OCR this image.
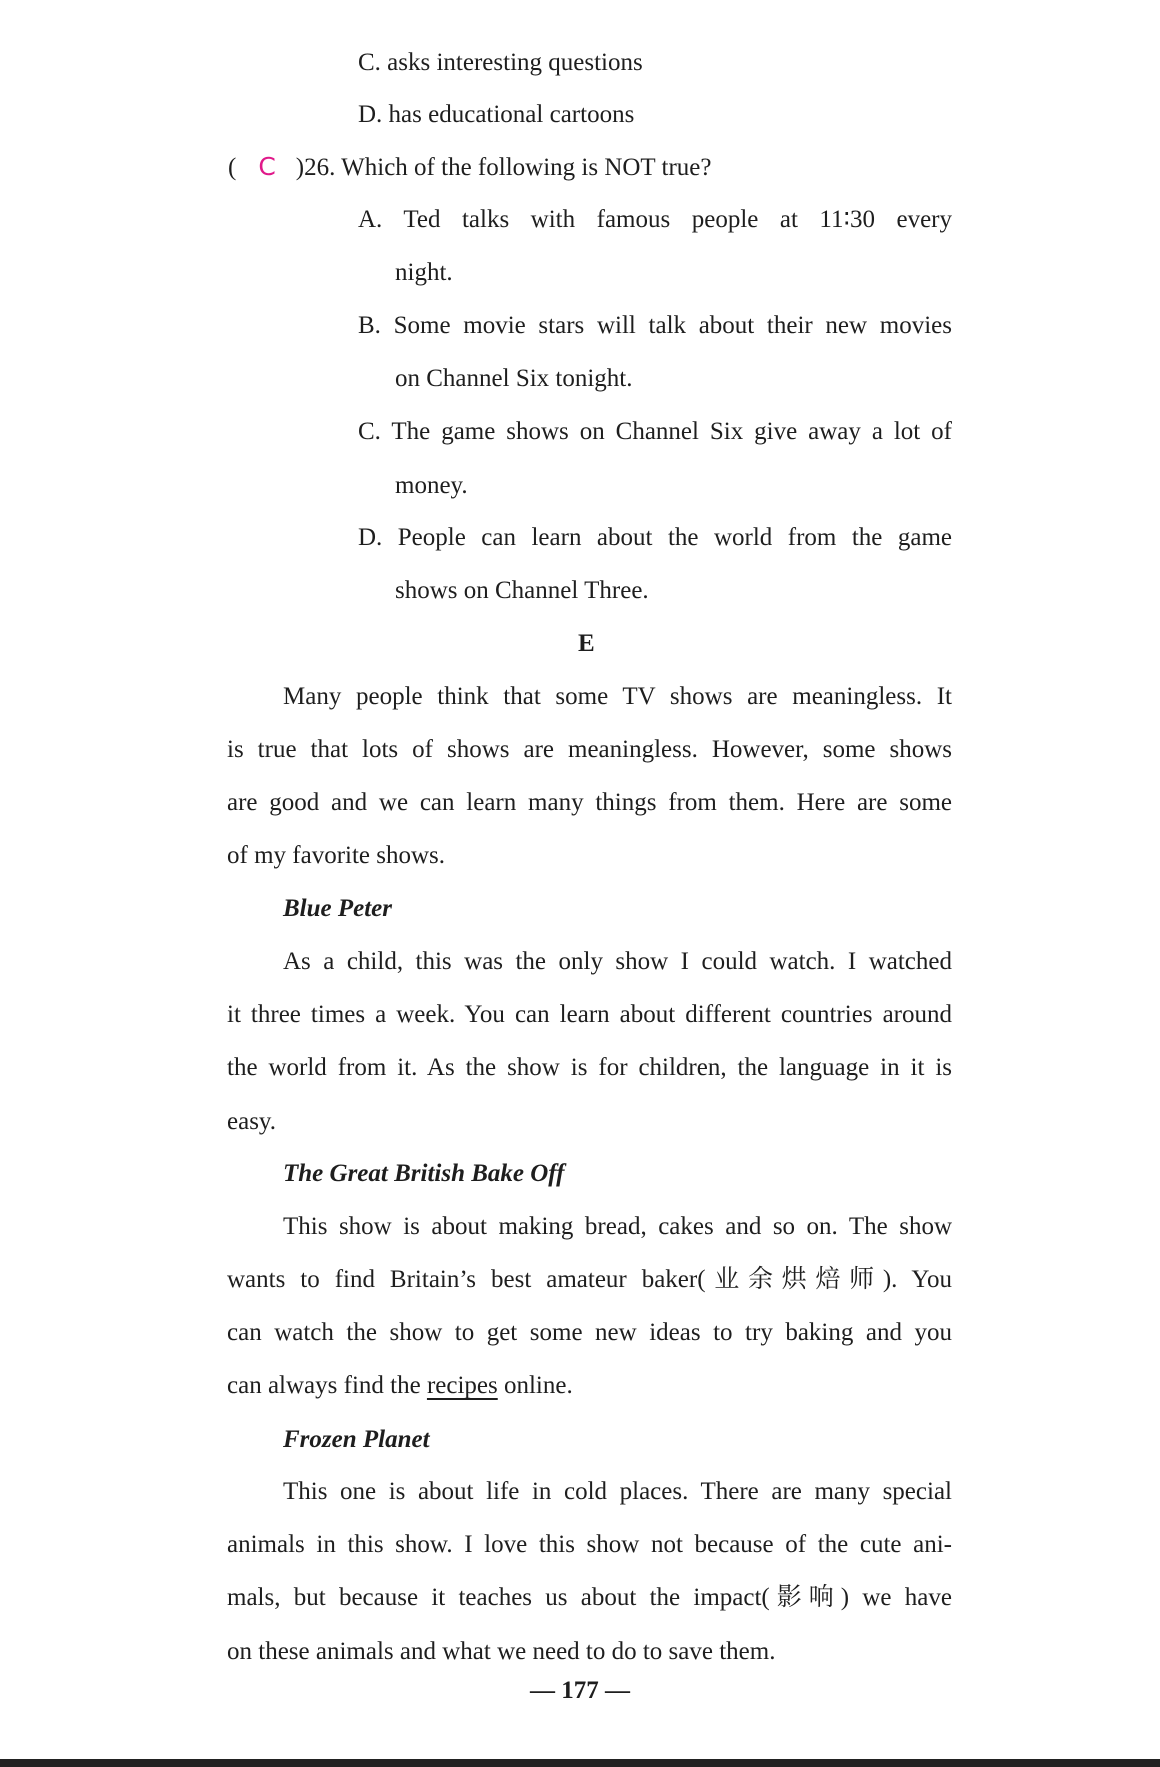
C. asks interesting questions
D. has educational cartoons
( C )26. Which of the following is NOT true?
A. Ted talks with famous people at 11∶30 every
night.
B. Some movie stars will talk about their new movies
on Channel Six tonight.
C. The game shows on Channel Six give away a lot of
money.
D. People can learn about the world from the game
shows on Channel Three.
E
Many people think that some TV shows are meaningless. It
is true that lots of shows are meaningless. However, some shows
are good and we can learn many things from them. Here are some
of my favorite shows.
Blue Peter
As a child, this was the only show I could watch. I watched
it three times a week. You can learn about different countries around
the world from it. As the show is for children, the language in it is
easy.
The Great British Bake Off
This show is about making bread, cakes and so on. The show
wants to find Britain’s best amateur baker(业余烘焙师). You
can watch the show to get some new ideas to try baking and you
can always find the recipes online.
Frozen Planet
This one is about life in cold places. There are many special
animals in this show. I love this show not because of the cute ani-
mals, but because it teaches us about the impact(影响) we have
on these animals and what we need to do to save them.
— 177 —
